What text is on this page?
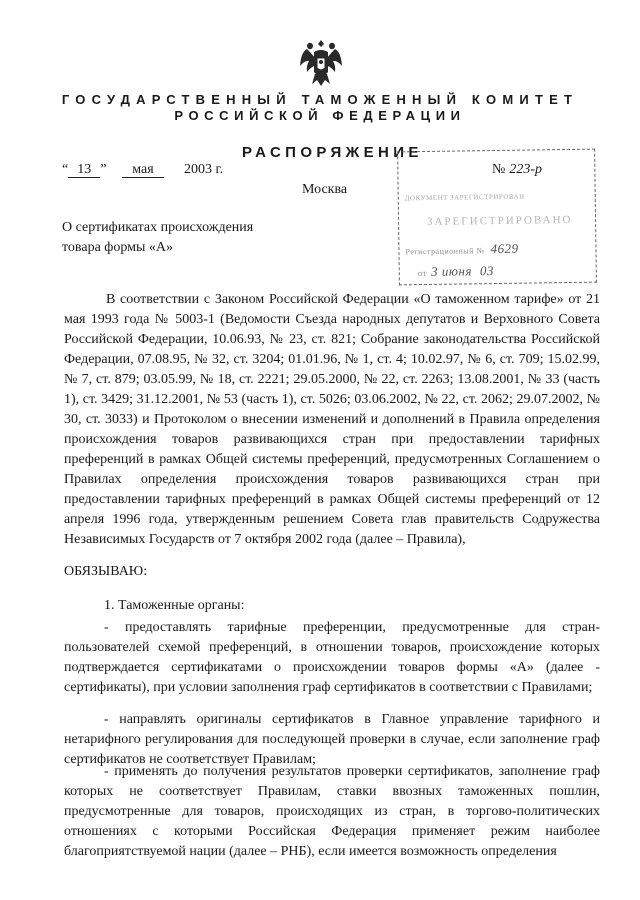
ГОСУДАРСТВЕННЫЙ ТАМОЖЕННЫЙ КОМИТЕТ
РОССИЙСКОЙ ФЕДЕРАЦИИ
РАСПОРЯЖЕНИЕ
“ 13 ” мая 2003 г.	№ 223-р
Москва
О сертификатах происхождения
товара формы «А»
ДОКУМЕНТ ЗАРЕГИСТРИРОВАН
ЗАРЕГИСТРИРОВАНО
Регистрационный № 4629
от 3 июня 03
В соответствии с Законом Российской Федерации «О таможенном тарифе» от 21 мая 1993 года № 5003-1 (Ведомости Съезда народных депутатов и Верховного Совета Российской Федерации, 10.06.93, № 23, ст. 821; Собрание законодательства Российской Федерации, 07.08.95, № 32, ст. 3204; 01.01.96, № 1, ст. 4; 10.02.97, № 6, ст. 709; 15.02.99, № 7, ст. 879; 03.05.99, № 18, ст. 2221; 29.05.2000, № 22, ст. 2263; 13.08.2001, № 33 (часть 1), ст. 3429; 31.12.2001, № 53 (часть 1), ст. 5026; 03.06.2002, № 22, ст. 2062; 29.07.2002, № 30, ст. 3033) и Протоколом о внесении изменений и дополнений в Правила определения происхождения товаров развивающихся стран при предоставлении тарифных преференций в рамках Общей системы преференций, предусмотренных Соглашением о Правилах определения происхождения товаров развивающихся стран при предоставлении тарифных преференций в рамках Общей системы преференций от 12 апреля 1996 года, утвержденным решением Совета глав правительств Содружества Независимых Государств от 7 октября 2002 года (далее – Правила),
ОБЯЗЫВАЮ:
1. Таможенные органы:
- предоставлять тарифные преференции, предусмотренные для стран-пользователей схемой преференций, в отношении товаров, происхождение которых подтверждается сертификатами о происхождении товаров формы «А» (далее - сертификаты), при условии заполнения граф сертификатов в соответствии с Правилами;
- направлять оригиналы сертификатов в Главное управление тарифного и нетарифного регулирования для последующей проверки в случае, если заполнение граф сертификатов не соответствует Правилам;
- применять до получения результатов проверки сертификатов, заполнение граф которых не соответствует Правилам, ставки ввозных таможенных пошлин, предусмотренные для товаров, происходящих из стран, в торгово-политических отношениях с которыми Российская Федерация применяет режим наиболее благоприятствуемой нации (далее – РНБ), если имеется возможность определения
